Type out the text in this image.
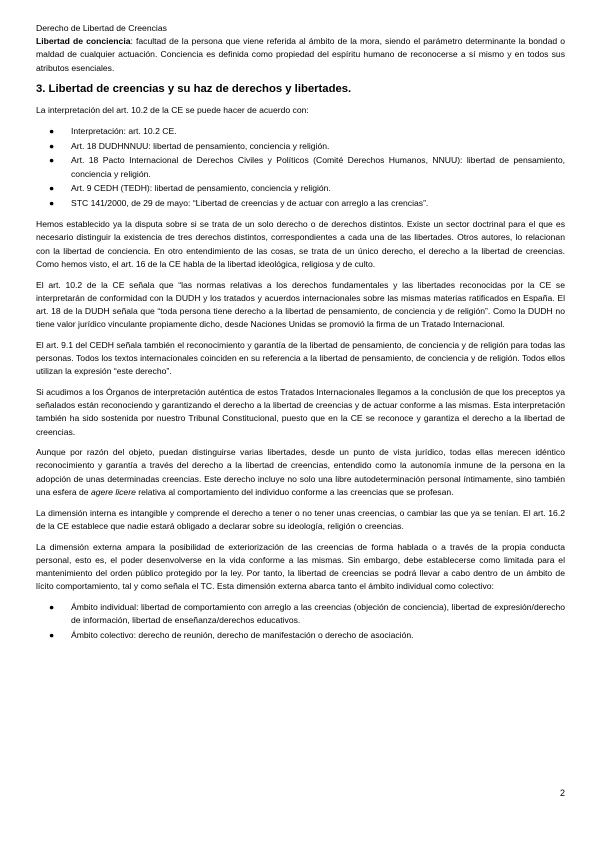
Derecho de Libertad de Creencias

Libertad de conciencia: facultad de la persona que viene referida al ámbito de la mora, siendo el parámetro determinante la bondad o maldad de cualquier actuación. Conciencia es definida como propiedad del espíritu humano de reconocerse a sí mismo y en todos sus atributos esenciales.

3. Libertad de creencias y su haz de derechos y libertades.

La interpretación del art. 10.2 de la CE se puede hacer de acuerdo con:

● Interpretación: art. 10.2 CE.
● Art. 18 DUDHNNUU: libertad de pensamiento, conciencia y religión.
● Art. 18 Pacto Internacional de Derechos Civiles y Políticos (Comité Derechos Humanos, NNUU): libertad de pensamiento, conciencia y religión.
● Art. 9 CEDH (TEDH): libertad de pensamiento, conciencia y religión.
● STC 141/2000, de 29 de mayo: “Libertad de creencias y de actuar con arreglo a las crencias”.

Hemos establecido ya la disputa sobre si se trata de un solo derecho o de derechos distintos. Existe un sector doctrinal para el que es necesario distinguir la existencia de tres derechos distintos, correspondientes a cada una de las libertades. Otros autores, lo relacionan con la libertad de conciencia. En otro entendimiento de las cosas, se trata de un único derecho, el derecho a la libertad de creencias. Como hemos visto, el art. 16 de la CE habla de la libertad ideológica, religiosa y de culto.

El art. 10.2 de la CE señala que “las normas relativas a los derechos fundamentales y las libertades reconocidas por la CE se interpretarán de conformidad con la DUDH y los tratados y acuerdos internacionales sobre las mismas materias ratificados en España. El art. 18 de la DUDH señala que “toda persona tiene derecho a la libertad de pensamiento, de conciencia y de religión”. Como la DUDH no tiene valor jurídico vinculante propiamente dicho, desde Naciones Unidas se promovió la firma de un Tratado Internacional.

El art. 9.1 del CEDH señala también el reconocimiento y garantía de la libertad de pensamiento, de conciencia y de religión para todas las personas. Todos los textos internacionales coinciden en su referencia a la libertad de pensamiento, de conciencia y de religión. Todos ellos utilizan la expresión “este derecho”.

Si acudimos a los Órganos de interpretación auténtica de estos Tratados Internacionales llegamos a la conclusión de que los preceptos ya señalados están reconociendo y garantizando el derecho a la libertad de creencias y de actuar conforme a las mismas. Esta interpretación también ha sido sostenida por nuestro Tribunal Constitucional, puesto que en la CE se reconoce y garantiza el derecho a la libertad de creencias.

Aunque por razón del objeto, puedan distinguirse varias libertades, desde un punto de vista jurídico, todas ellas merecen idéntico reconocimiento y garantía a través del derecho a la libertad de creencias, entendido como la autonomía inmune de la persona en la adopción de unas determinadas creencias. Este derecho incluye no solo una libre autodeterminación personal íntimamente, sino también una esfera de agere licere relativa al comportamiento del individuo conforme a las creencias que se profesan.

La dimensión interna es intangible y comprende el derecho a tener o no tener unas creencias, o cambiar las que ya se tenían. El art. 16.2 de la CE establece que nadie estará obligado a declarar sobre su ideología, religión o creencias.

La dimensión externa ampara la posibilidad de exteriorización de las creencias de forma hablada o a través de la propia conducta personal, esto es, el poder desenvolverse en la vida conforme a las mismas. Sin embargo, debe establecerse como limitada para el mantenimiento del orden público protegido por la ley. Por tanto, la libertad de creencias se podrá llevar a cabo dentro de un ámbito de lícito comportamiento, tal y como señala el TC. Esta dimensión externa abarca tanto el ámbito individual como colectivo:

● Ámbito individual: libertad de comportamiento con arreglo a las creencias (objeción de conciencia), libertad de expresión/derecho de información, libertad de enseñanza/derechos educativos.
● Ámbito colectivo: derecho de reunión, derecho de manifestación o derecho de asociación.
2
